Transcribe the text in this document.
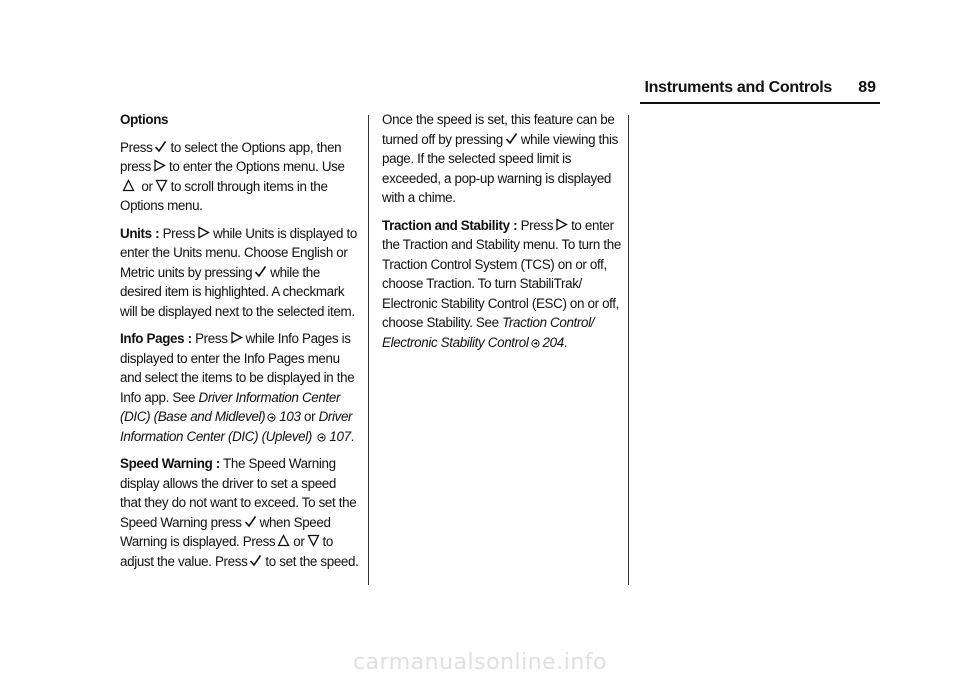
Instruments and Controls 89

Options

Press to select the Options app, then press to enter the Options menu. Use
or to scroll through items in the Options menu.

Units : Press while Units is displayed to enter the Units menu. Choose English or Metric units by pressing while the desired item is highlighted. A checkmark will be displayed next to the selected item.

Info Pages : Press while Info Pages is displayed to enter the Info Pages menu and select the items to be displayed in the Info app. See Driver Information Center (DIC) (Base and Midlevel) 103 or Driver Information Center (DIC) (Uplevel) 107.

Speed Warning : The Speed Warning display allows the driver to set a speed that they do not want to exceed. To set the Speed Warning press when Speed Warning is displayed. Press or to adjust the value. Press to set the speed.

Once the speed is set, this feature can be turned off by pressing while viewing this page. If the selected speed limit is exceeded, a pop-up warning is displayed with a chime.

Traction and Stability : Press to enter the Traction and Stability menu. To turn the Traction Control System (TCS) on or off, choose Traction. To turn StabiliTrak/ Electronic Stability Control (ESC) on or off, choose Stability. See Traction Control/ Electronic Stability Control 204.

carmanualsonline.info
